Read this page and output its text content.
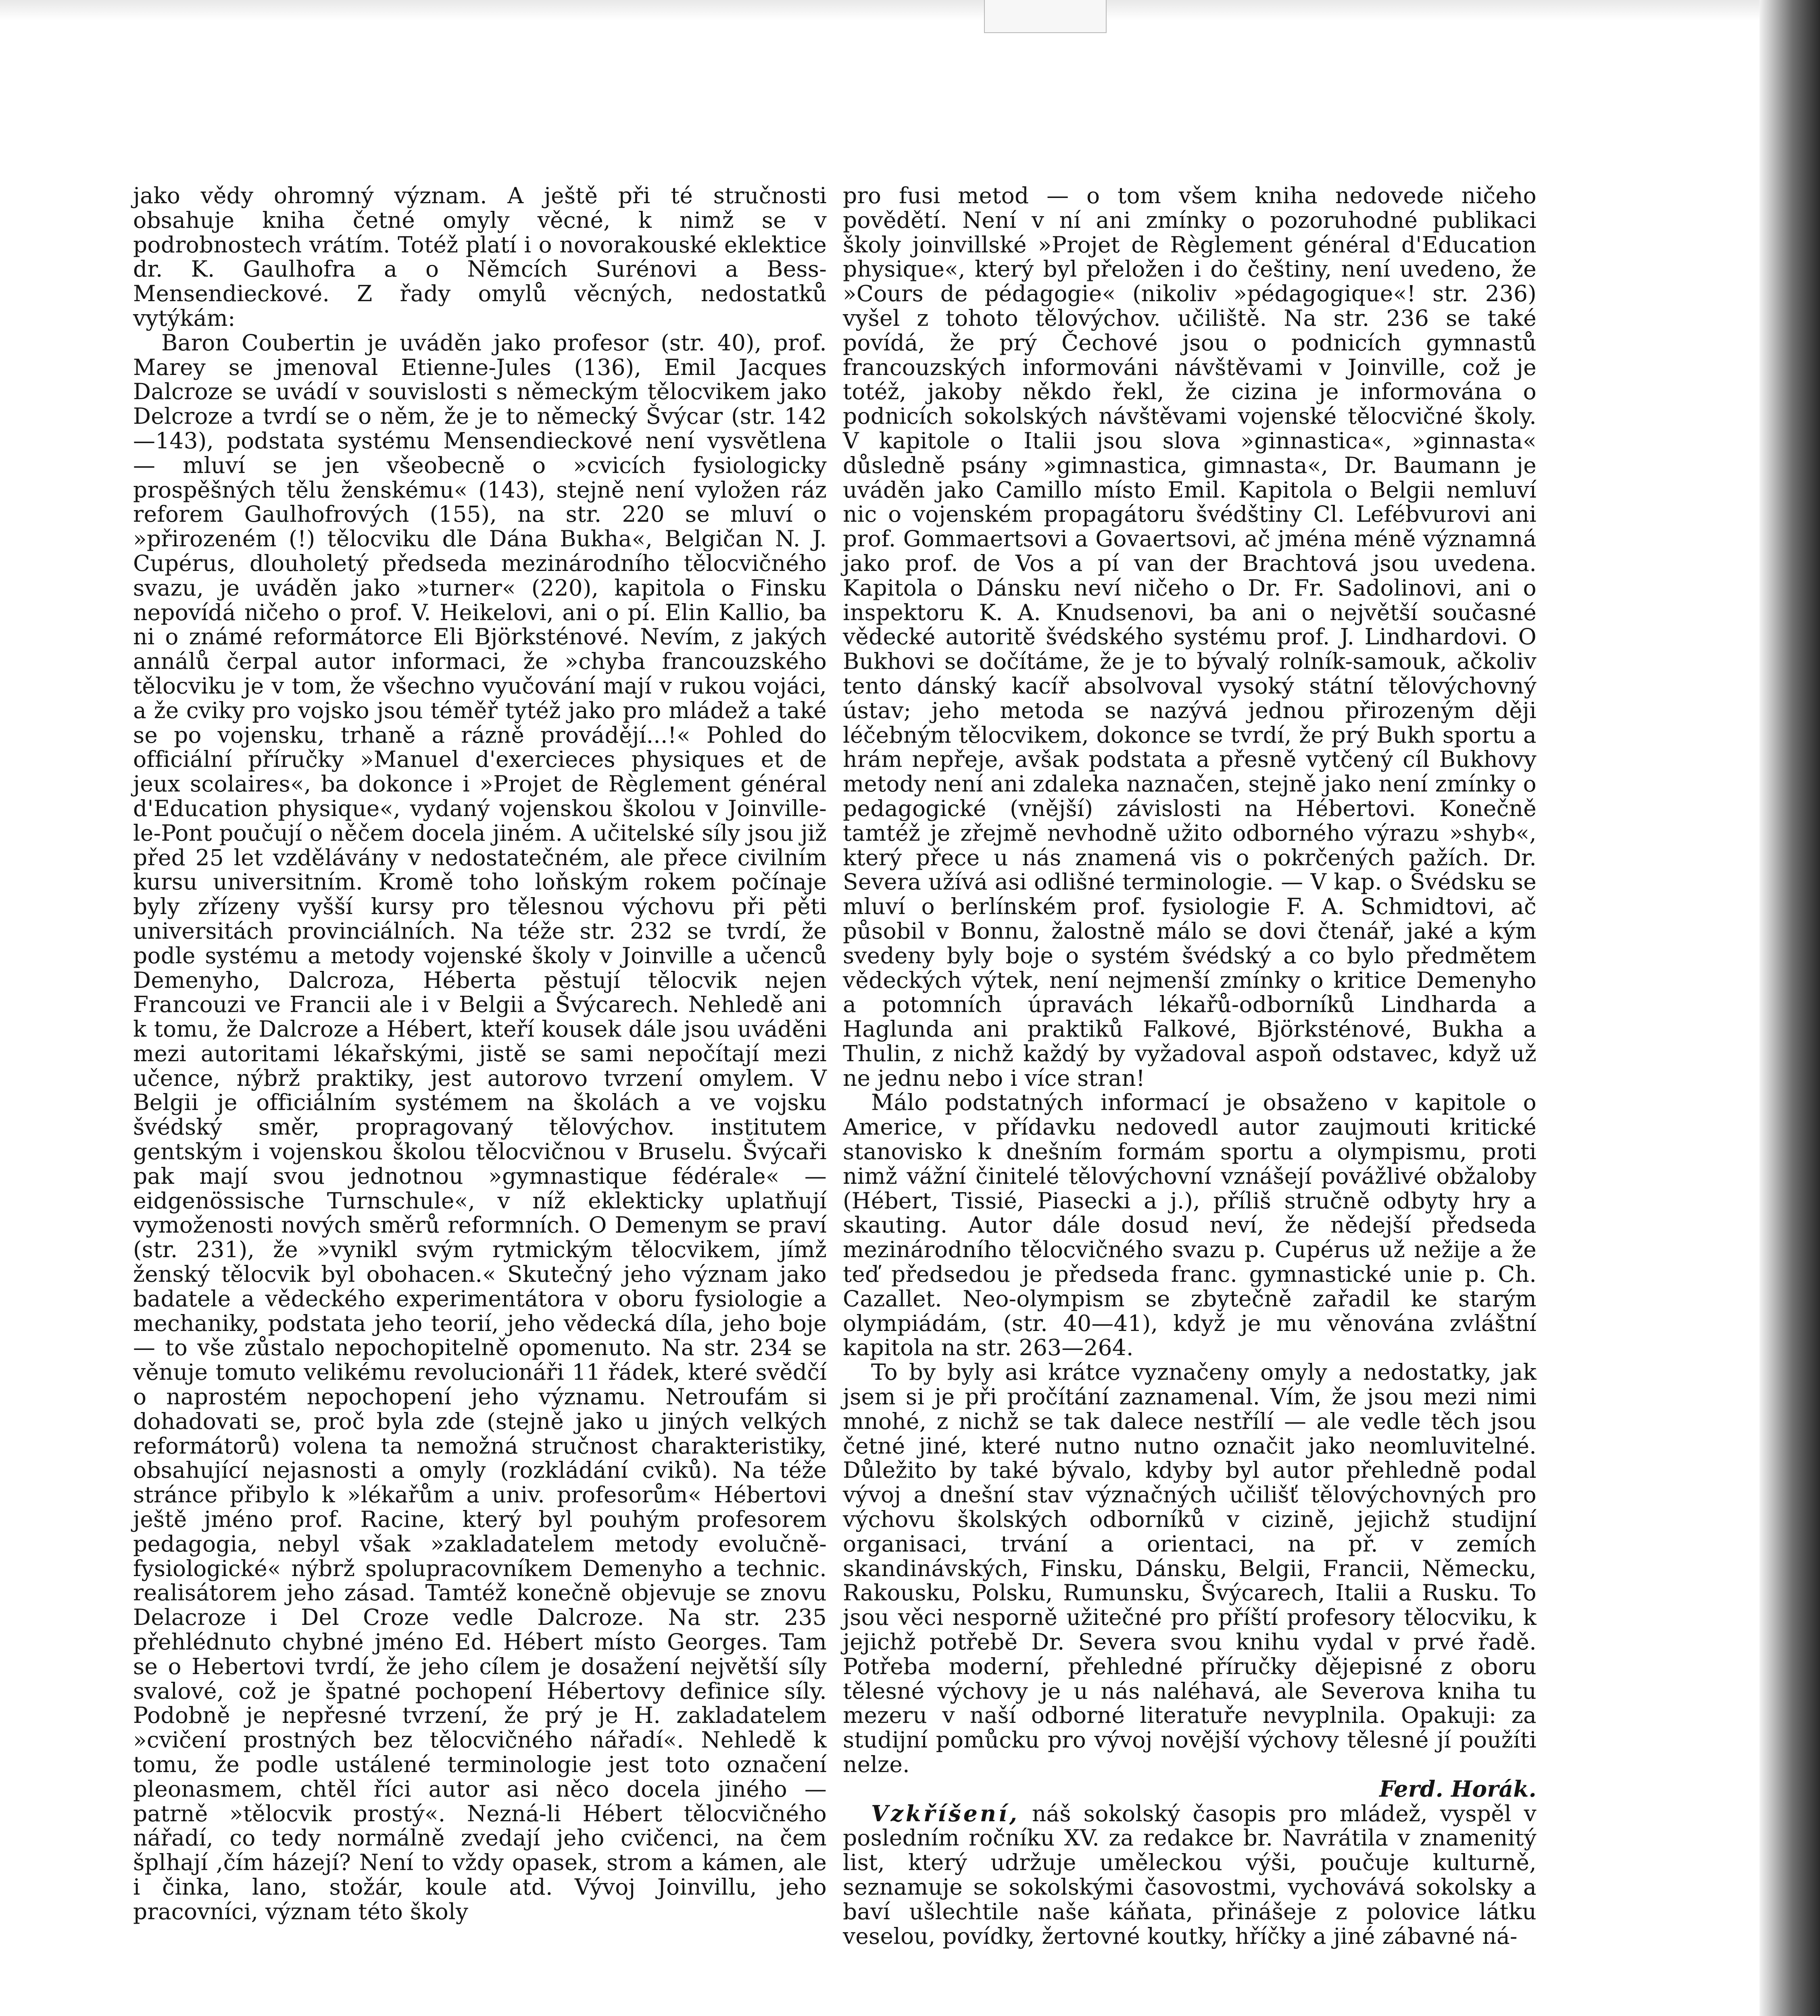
jako vědy ohromný význam. A ještě při té stručnosti obsahuje kniha četné omyly věcné, k nimž se v podrobnostech vrátím. Totéž platí i o novorakouské eklektice dr. K. Gaulhofra a o Němcích Surénovi a Bess-Mensendieckové. Z řady omylů věcných, nedostatků vytýkám:

Baron Coubertin je uváděn jako profesor (str. 40), prof. Marey se jmenoval Etienne-Jules (136), Emil Jacques Dalcroze se uvádí v souvislosti s německým tělocvikem jako Delcroze a tvrdí se o něm, že je to německý Švýcar (str. 142—143), podstata systému Mensendieckové není vysvětlena — mluví se jen všeobecně o »cvicích fysiologicky prospěšných tělu ženskému« (143), stejně není vyložen ráz reforem Gaulhofrových (155), na str. 220 se mluví o »přirozeném (!) tělocviku dle Dána Bukha«, Belgičan N. J. Cupérus, dlouholetý předseda mezinárodního tělocvičného svazu, je uváděn jako »turner« (220), kapitola o Finsku nepovídá ničeho o prof. V. Heikelovi, ani o pí. Elin Kallio, ba ni o známé reformátorce Eli Björksténové. Nevím, z jakých annálů čerpal autor informaci, že »chyba francouzského tělocviku je v tom, že všechno vyučování mají v rukou vojáci, a že cviky pro vojsko jsou téměř tytéž jako pro mládež a také se po vojensku, trhaně a rázně provádějí...!« Pohled do officiální příručky »Manuel d'exercieces physiques et de jeux scolaires«, ba dokonce i »Projet de Règlement général d'Education physique«, vydaný vojenskou školou v Joinville-le-Pont poučují o něčem docela jiném. A učitelské síly jsou již před 25 let vzdělávány v nedostatečném, ale přece civilním kursu universitním. Kromě toho loňským rokem počínaje byly zřízeny vyšší kursy pro tělesnou výchovu při pěti universitách provinciálních. Na téže str. 232 se tvrdí, že podle systému a metody vojenské školy v Joinville a učenců Demenyho, Dalcroza, Héberta pěstují tělocvik nejen Francouzi ve Francii ale i v Belgii a Švýcarech. Nehledě ani k tomu, že Dalcroze a Hébert, kteří kousek dále jsou uváděni mezi autoritami lékařskými, jistě se sami nepočítají mezi učence, nýbrž praktiky, jest autorovo tvrzení omylem. V Belgii je officiálním systémem na školách a ve vojsku švédský směr, propragovaný tělovýchov. institutem gentským i vojenskou školou tělocvičnou v Bruselu. Švýcaři pak mají svou jednotnou »gymnastique fédérale« — eidgenössische Turnschule«, v níž eklekticky uplatňují vymoženosti nových směrů reformních. O Demenym se praví (str. 231), že »vynikl svým rytmickým tělocvikem, jímž ženský tělocvik byl obohacen.« Skutečný jeho význam jako badatele a vědeckého experimentátora v oboru fysiologie a mechaniky, podstata jeho teorií, jeho vědecká díla, jeho boje — to vše zůstalo nepochopitelně opomenuto. Na str. 234 se věnuje tomuto velikému revolucionáři 11 řádek, které svědčí o naprostém nepochopení jeho významu. Netroufám si dohadovati se, proč byla zde (stejně jako u jiných velkých reformátorů) volena ta nemožná stručnost charakteristiky, obsahující nejasnosti a omyly (rozkládání cviků). Na téže stránce přibylo k »lékařům a univ. profesorům« Hébertovi ještě jméno prof. Racine, který byl pouhým profesorem pedagogia, nebyl však »zakladatelem metody evolučně-fysiologické« nýbrž spolupracovníkem Demenyho a technic. realisátorem jeho zásad. Tamtéž konečně objevuje se znovu Delacroze i Del Croze vedle Dalcroze. Na str. 235 přehlédnuto chybné jméno Ed. Hébert místo Georges. Tam se o Hebertovi tvrdí, že jeho cílem je dosažení největší síly svalové, což je špatné pochopení Hébertovy definice síly. Podobně je nepřesné tvrzení, že prý je H. zakladatelem »cvičení prostných bez tělocvičného nářadí«. Nehledě k tomu, že podle ustálené terminologie jest toto označení pleonasmem, chtěl říci autor asi něco docela jiného — patrně »tělocvik prostý«. Nezná-li Hébert tělocvičného nářadí, co tedy normálně zvedají jeho cvičenci, na čem šplhají ,čím házejí? Není to vždy opasek, strom a kámen, ale i činka, lano, stožár, koule atd. Vývoj Joinvillu, jeho pracovníci, význam této školy

pro fusi metod — o tom všem kniha nedovede ničeho povědětí. Není v ní ani zmínky o pozoruhodné publikaci školy joinvillské »Projet de Règlement général d'Education physique«, který byl přeložen i do češtiny, není uvedeno, že »Cours de pédagogie« (nikoliv »pédagogique«! str. 236) vyšel z tohoto tělovýchov. učiliště. Na str. 236 se také povídá, že prý Čechové jsou o podnicích gymnastů francouzských informováni návštěvami v Joinville, což je totéž, jakoby někdo řekl, že cizina je informována o podnicích sokolských návštěvami vojenské tělocvičné školy. V kapitole o Italii jsou slova »ginnastica«, »ginnasta« důsledně psány »gimnastica, gimnasta«, Dr. Baumann je uváděn jako Camillo místo Emil. Kapitola o Belgii nemluví nic o vojenském propagátoru švédštiny Cl. Lefébvurovi ani prof. Gommaertsovi a Govaertsovi, ač jména méně významná jako prof. de Vos a pí van der Brachtová jsou uvedena. Kapitola o Dánsku neví ničeho o Dr. Fr. Sadolinovi, ani o inspektoru K. A. Knudsenovi, ba ani o největší současné vědecké autoritě švédského systému prof. J. Lindhardovi. O Bukhovi se dočítáme, že je to bývalý rolník-samouk, ačkoliv tento dánský kacíř absolvoval vysoký státní tělovýchovný ústav; jeho metoda se nazývá jednou přirozeným ději léčebným tělocvikem, dokonce se tvrdí, že prý Bukh sportu a hrám nepřeje, avšak podstata a přesně vytčený cíl Bukhovy metody není ani zdaleka naznačen, stejně jako není zmínky o pedagogické (vnější) závislosti na Hébertovi. Konečně tamtéž je zřejmě nevhodně užito odborného výrazu »shyb«, který přece u nás znamená vis o pokrčených pažích. Dr. Severa užívá asi odlišné terminologie. — V kap. o Švédsku se mluví o berlínském prof. fysiologie F. A. Schmidtovi, ač působil v Bonnu, žalostně málo se dovi čtenář, jaké a kým svedeny byly boje o systém švédský a co bylo předmětem vědeckých výtek, není nejmenší zmínky o kritice Demenyho a potomních úpravách lékařů-odborníků Lindharda a Haglunda ani praktiků Falkové, Björksténové, Bukha a Thulin, z nichž každý by vyžadoval aspoň odstavec, když už ne jednu nebo i více stran!

Málo podstatných informací je obsaženo v kapitole o Americe, v přídavku nedovedl autor zaujmouti kritické stanovisko k dnešním formám sportu a olympismu, proti nimž vážní činitelé tělovýchovní vznášejí povážlivé obžaloby (Hébert, Tissié, Piasecki a j.), příliš stručně odbyty hry a skauting. Autor dále dosud neví, že nědejší předseda mezinárodního tělocvičného svazu p. Cupérus už nežije a že teď předsedou je předseda franc. gymnastické unie p. Ch. Cazallet. Neo-olympism se zbytečně zařadil ke starým olympiádám, (str. 40—41), když je mu věnována zvláštní kapitola na str. 263—264.

To by byly asi krátce vyznačeny omyly a nedostatky, jak jsem si je při pročítání zaznamenal. Vím, že jsou mezi nimi mnohé, z nichž se tak dalece nestřílí — ale vedle těch jsou četné jiné, které nutno nutno označit jako neomluvitelné. Důležito by také bývalo, kdyby byl autor přehledně podal vývoj a dnešní stav význačných učilišť tělovýchovných pro výchovu školských odborníků v cizině, jejichž studijní organisaci, trvání a orientaci, na př. v zemích skandinávských, Finsku, Dánsku, Belgii, Francii, Německu, Rakousku, Polsku, Rumunsku, Švýcarech, Italii a Rusku. To jsou věci nesporně užitečné pro příští profesory tělocviku, k jejichž potřebě Dr. Severa svou knihu vydal v prvé řadě. Potřeba moderní, přehledné příručky dějepisné z oboru tělesné výchovy je u nás naléhavá, ale Severova kniha tu mezeru v naší odborné literatuře nevyplnila. Opakuji: za studijní pomůcku pro vývoj novější výchovy tělesné jí použíti nelze.

Ferd. Horák.

Vzkříšení, náš sokolský časopis pro mládež, vyspěl v posledním ročníku XV. za redakce br. Navrátila v znamenitý list, který udržuje uměleckou výši, poučuje kulturně, seznamuje se sokolskými časovostmi, vychovává sokolsky a baví ušlechtile naše káňata, přinášeje z polovice látku veselou, povídky, žertovné koutky, hříčky a jiné zábavné ná-
